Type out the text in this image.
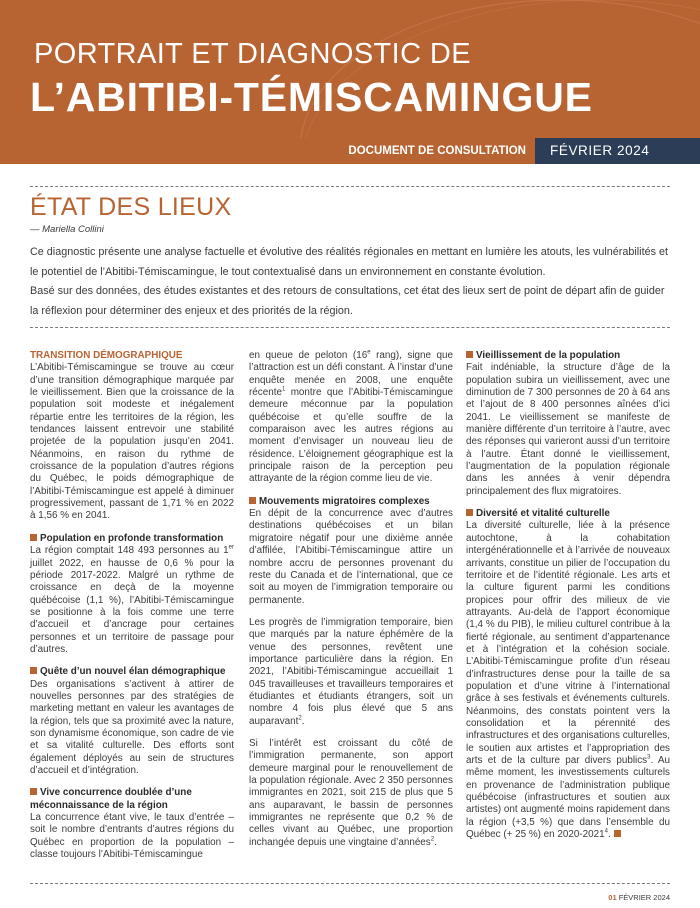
PORTRAIT ET DIAGNOSTIC DE
L’ABITIBI-TÉMISCAMINGUE
DOCUMENT DE CONSULTATION FÉVRIER 2024
ÉTAT DES LIEUX
— Mariella Collini

Ce diagnostic présente une analyse factuelle et évolutive des réalités régionales en mettant en lumière les atouts, les vulnérabilités et le potentiel de l’Abitibi-Témiscamingue, le tout contextualisé dans un environnement en constante évolution.

Basé sur des données, des études existantes et des retours de consultations, cet état des lieux sert de point de départ afin de guider la réflexion pour déterminer des enjeux et des priorités de la région.

TRANSITION DÉMOGRAPHIQUE

L’Abitibi-Témiscamingue se trouve au cœur d’une transition démographique marquée par le vieillissement. Bien que la croissance de la population soit modeste et inégalement répartie entre les territoires de la région, les tendances laissent entrevoir une stabilité projetée de la population jusqu’en 2041. Néanmoins, en raison du rythme de croissance de la population d’autres régions du Québec, le poids démographique de l’Abitibi-Témiscamingue est appelé à diminuer progressivement, passant de 1,71 % en 2022 à 1,56 % en 2041.

Population en profonde transformation

La région comptait 148 493 personnes au 1er juillet 2022, en hausse de 0,6 % pour la période 2017-2022. Malgré un rythme de croissance en deçà de la moyenne québécoise (1,1 %), l’Abitibi-Témiscamingue se positionne à la fois comme une terre d’accueil et d’ancrage pour certaines personnes et un territoire de passage pour d’autres.

Quête d’un nouvel élan démographique

Des organisations s’activent à attirer de nouvelles personnes par des stratégies de marketing mettant en valeur les avantages de la région, tels que sa proximité avec la nature, son dynamisme économique, son cadre de vie et sa vitalité culturelle. Des efforts sont également déployés au sein de structures d’accueil et d’intégration.

Vive concurrence doublée d’une méconnaissance de la région

La concurrence étant vive, le taux d’entrée – soit le nombre d’entrants d’autres régions du Québec en proportion de la population – classe toujours l’Abitibi-Témiscamingue

en queue de peloton (16e rang), signe que l’attraction est un défi constant. À l’instar d’une enquête menée en 2008, une enquête récente$^1$ montre que l’Abitibi-Témiscamingue demeure méconnue par la population québécoise et qu’elle souffre de la comparaison avec les autres régions au moment d’envisager un nouveau lieu de résidence. L’éloignement géographique est la principale raison de la perception peu attrayante de la région comme lieu de vie.

Mouvements migratoires complexes

En dépit de la concurrence avec d’autres destinations québécoises et un bilan migratoire négatif pour une dixième année d’affilée, l’Abitibi-Témiscamingue attire un nombre accru de personnes provenant du reste du Canada et de l’international, que ce soit au moyen de l’immigration temporaire ou permanente.

Les progrès de l’immigration temporaire, bien que marqués par la nature éphémère de la venue des personnes, revêtent une importance particulière dans la région. En 2021, l’Abitibi-Témiscamingue accueillait 1 045 travailleuses et travailleurs temporaires et étudiantes et étudiants étrangers, soit un nombre 4 fois plus élevé que 5 ans auparavant$^2$.

Si l’intérêt est croissant du côté de l’immigration permanente, son apport demeure marginal pour le renouvellement de la population régionale. Avec 2 350 personnes immigrantes en 2021, soit 215 de plus que 5 ans auparavant, le bassin de personnes immigrantes ne représente que 0,2 % de celles vivant au Québec, une proportion inchangée depuis une vingtaine d’années$^2$.

Vieillissement de la population

Fait indéniable, la structure d’âge de la population subira un vieillissement, avec une diminution de 7 300 personnes de 20 à 64 ans et l’ajout de 8 400 personnes aînées d’ici 2041. Le vieillissement se manifeste de manière différente d’un territoire à l’autre, avec des réponses qui varieront aussi d’un territoire à l’autre. Étant donné le vieillissement, l’augmentation de la population régionale dans les années à venir dépendra principalement des flux migratoires.

Diversité et vitalité culturelle

La diversité culturelle, liée à la présence autochtone, à la cohabitation intergénérationnelle et à l’arrivée de nouveaux arrivants, constitue un pilier de l’occupation du territoire et de l’identité régionale. Les arts et la culture figurent parmi les conditions propices pour offrir des milieux de vie attrayants. Au-delà de l’apport économique (1,4 % du PIB), le milieu culturel contribue à la fierté régionale, au sentiment d’appartenance et à l’intégration et la cohésion sociale. L’Abitibi-Témiscamingue profite d’un réseau d’infrastructures dense pour la taille de sa population et d’une vitrine à l’international grâce à ses festivals et événements culturels. Néanmoins, des constats pointent vers la consolidation et la pérennité des infrastructures et des organisations culturelles, le soutien aux artistes et l’appropriation des arts et de la culture par divers publics$^3$. Au même moment, les investissements culturels en provenance de l’administration publique québécoise (infrastructures et soutien aux artistes) ont augmenté moins rapidement dans la région (+3,5 %) que dans l’ensemble du Québec (+ 25 %) en 2020-2021$^4$.

01 FÉVRIER 2024
